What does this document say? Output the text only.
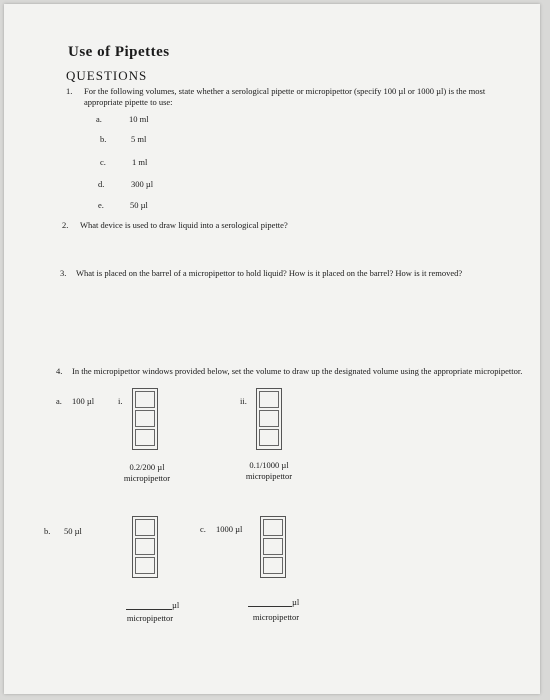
Use of Pipettes
QUESTIONS
1. For the following volumes, state whether a serological pipette or micropipettor (specify 100 µl or 1000 µl) is the most appropriate pipette to use:
a.	10 ml
b.	5 ml
c.	1 ml
d.	300 µl
e.	50 µl
2. What device is used to draw liquid into a serological pipette?
3. What is placed on the barrel of a micropipettor to hold liquid? How is it placed on the barrel? How is it removed?
4. In the micropipettor windows provided below, set the volume to draw up the designated volume using the appropriate micropipettor.
a. 100 µl	i.
0.2/200 µl
micropipettor
ii.
0.1/1000 µl
micropipettor
b. 50 µl
µl
micropipettor
c. 1000 µl
µl
micropipettor
